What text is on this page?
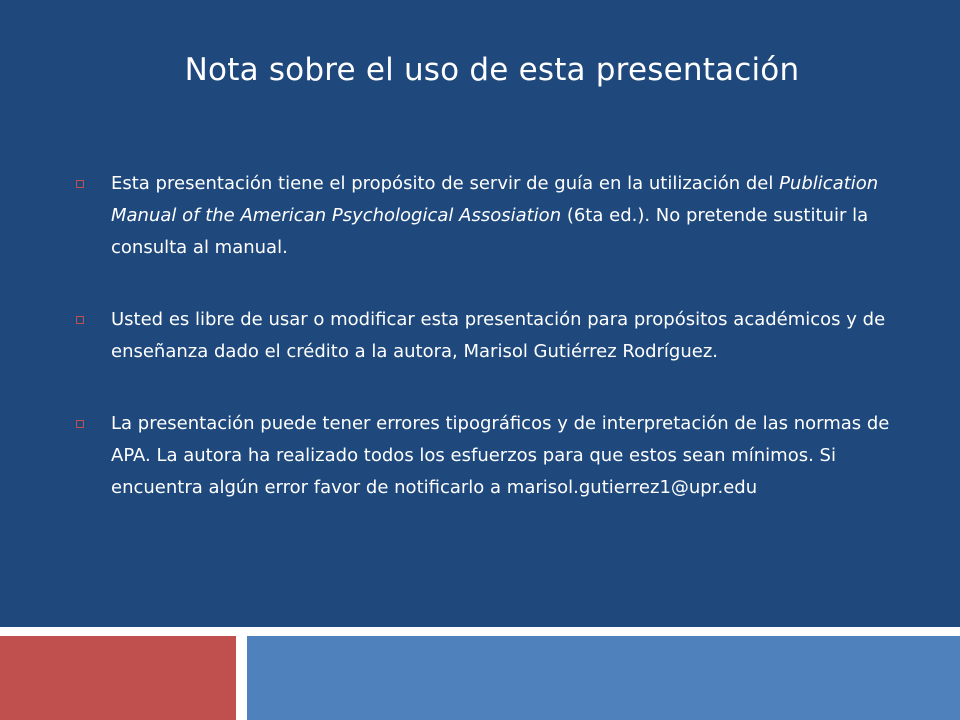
Nota sobre el uso de esta presentación
Esta presentación tiene el propósito de servir de guía en la utilización del Publication Manual of the American Psychological Assosiation (6ta ed.). No pretende sustituir la consulta al manual.
Usted es libre de usar o modificar esta presentación para propósitos académicos y de enseñanza dado el crédito a la autora, Marisol Gutiérrez Rodríguez.
La presentación puede tener errores tipográficos y de interpretación de las normas de APA. La autora ha realizado todos los esfuerzos para que estos sean mínimos. Si encuentra algún error favor de notificarlo a marisol.gutierrez1@upr.edu
